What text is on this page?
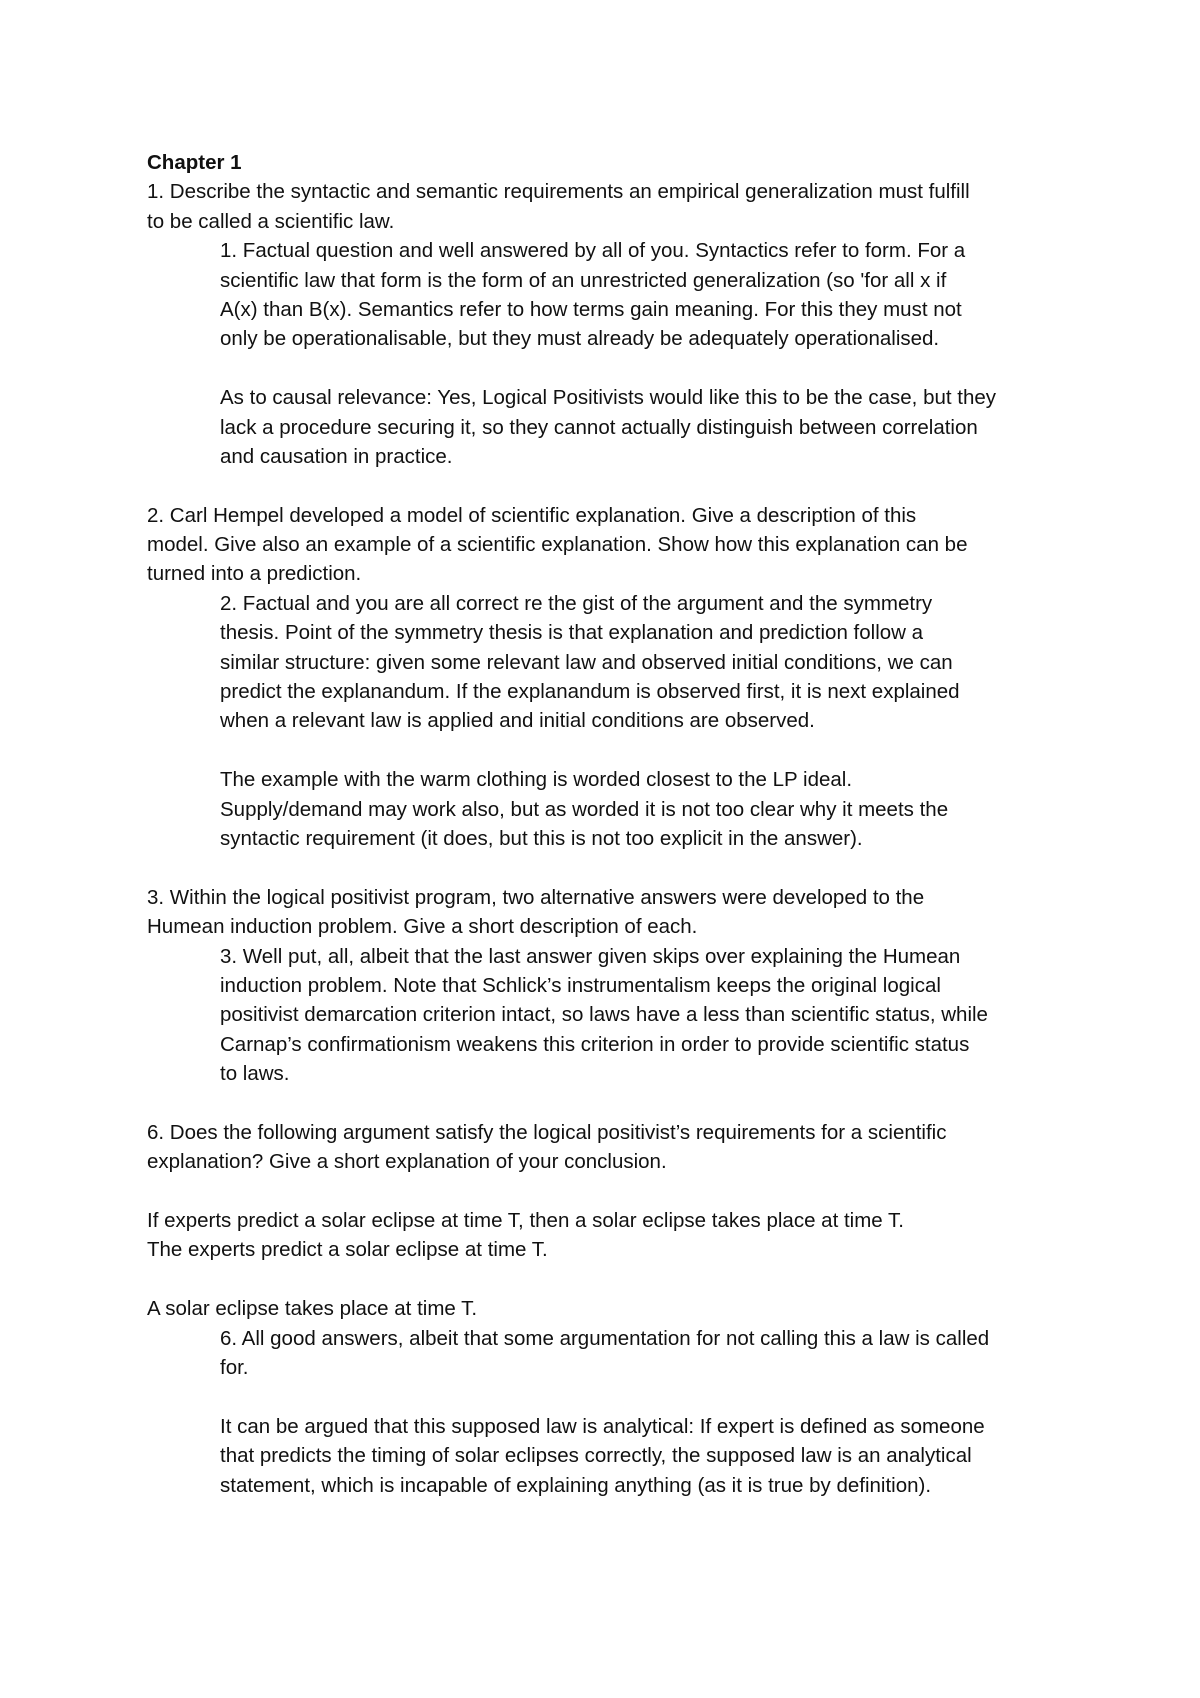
Chapter 1
1. Describe the syntactic and semantic requirements an empirical generalization must fulfill
to be called a scientific law.
1. Factual question and well answered by all of you. Syntactics refer to form. For a
scientific law that form is the form of an unrestricted generalization (so 'for all x if
A(x) than B(x). Semantics refer to how terms gain meaning. For this they must not
only be operationalisable, but they must already be adequately operationalised.
As to causal relevance: Yes, Logical Positivists would like this to be the case, but they
lack a procedure securing it, so they cannot actually distinguish between correlation
and causation in practice.
2. Carl Hempel developed a model of scientific explanation. Give a description of this
model. Give also an example of a scientific explanation. Show how this explanation can be
turned into a prediction.
2. Factual and you are all correct re the gist of the argument and the symmetry
thesis. Point of the symmetry thesis is that explanation and prediction follow a
similar structure: given some relevant law and observed initial conditions, we can
predict the explanandum. If the explanandum is observed first, it is next explained
when a relevant law is applied and initial conditions are observed.
The example with the warm clothing is worded closest to the LP ideal.
Supply/demand may work also, but as worded it is not too clear why it meets the
syntactic requirement (it does, but this is not too explicit in the answer).
3. Within the logical positivist program, two alternative answers were developed to the
Humean induction problem. Give a short description of each.
3. Well put, all, albeit that the last answer given skips over explaining the Humean
induction problem. Note that Schlick’s instrumentalism keeps the original logical
positivist demarcation criterion intact, so laws have a less than scientific status, while
Carnap’s confirmationism weakens this criterion in order to provide scientific status
to laws.
6. Does the following argument satisfy the logical positivist’s requirements for a scientific
explanation? Give a short explanation of your conclusion.
If experts predict a solar eclipse at time T, then a solar eclipse takes place at time T.
The experts predict a solar eclipse at time T.
A solar eclipse takes place at time T.
6. All good answers, albeit that some argumentation for not calling this a law is called
for.
It can be argued that this supposed law is analytical: If expert is defined as someone
that predicts the timing of solar eclipses correctly, the supposed law is an analytical
statement, which is incapable of explaining anything (as it is true by definition).
